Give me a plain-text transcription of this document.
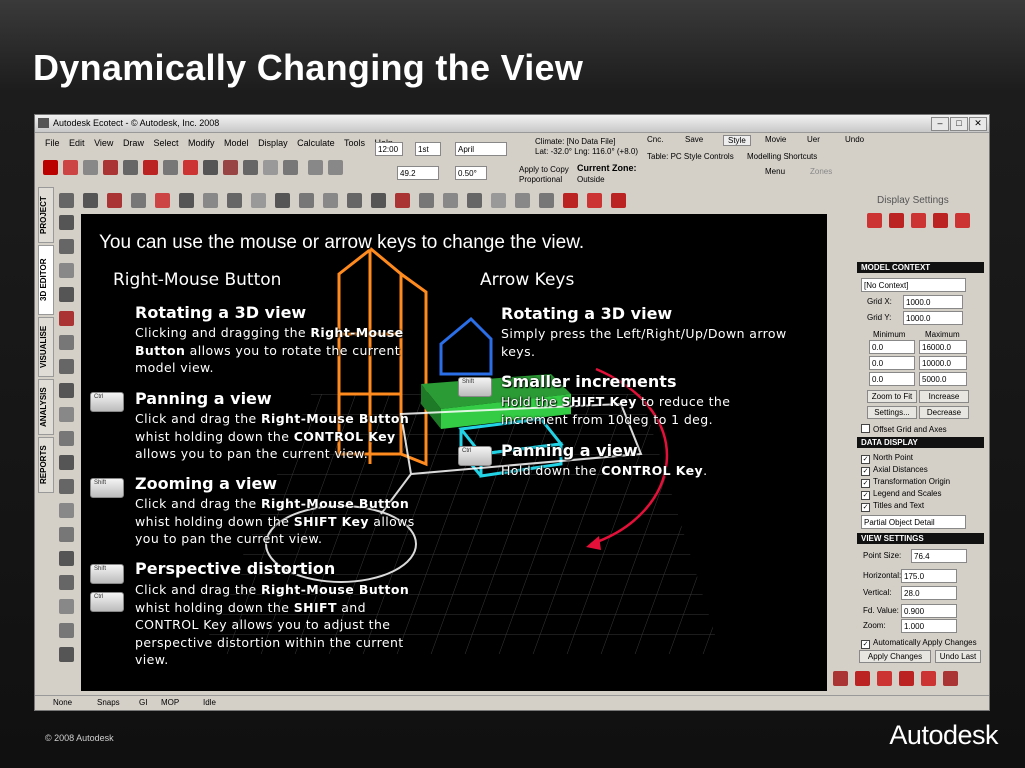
Dynamically Changing the View
Autodesk Ecotect - © Autodesk, Inc. 2008	–	□	✕
File Edit View Draw Select Modify Model Display Calculate Tools
12:00	1st	April
49.2	0.50°
Climate: [No Data File]
Lat: -32.0° Lng: 116.0° (+8.0)
Apply to Copy
Proportional
Current Zone:
Outside
Cnc.	Save	Style	Movie	Uer	Undo
Table: PC Style Controls Modelling Shortcuts
Menu	Zones
PROJECT
3D EDITOR
VISUALISE
ANALYSIS
REPORTS
Display Settings
MODEL CONTEXT
[No Context]
Grid X:	1000.0
Grid Y:	1000.0
Minimum Maximum
0.0	16000.0
0.0	10000.0
0.0	5000.0
Zoom to Fit	Increase
Settings...	Decrease
Offset Grid and Axes
DATA DISPLAY
✓ North Point
✓ Axial Distances
✓ Transformation Origin
✓ Legend and Scales
✓ Titles and Text
Partial Object Detail
VIEW SETTINGS
Point Size:	76.4
Horizontal: 175.0
Vertical:	28.0
Fd. Value: 0.900
Zoom:	1.000
✓ Automatically Apply Changes
Apply Changes	Undo Last
None	Snaps GI MOP	Idle
You can use the mouse or arrow keys to change the view.
Right-Mouse Button	Arrow Keys
Rotating a 3D view
Clicking and dragging the Right-Mouse Button allows you to rotate the current model view.
Ctrl	Panning a view
Click and drag the Right-Mouse Button whist holding down the CONTROL Key allows you to pan the current view.
Shift	Zooming a view
Click and drag the Right-Mouse Button whist holding down the SHIFT Key allows you to pan the current view.
Shift
Ctrl
Perspective distortion
Click and drag the Right-Mouse Button whist holding down the SHIFT and CONTROL Key allows you to adjust the perspective distortion within the current view.
Rotating a 3D view
Simply press the Left/Right/Up/Down arrow keys.
Shift	Smaller increments
Hold the SHIFT Key to reduce the increment from 10deg to 1 deg.
Ctrl	Panning a view
Hold down the CONTROL Key.
© 2008 Autodesk	Autodesk
